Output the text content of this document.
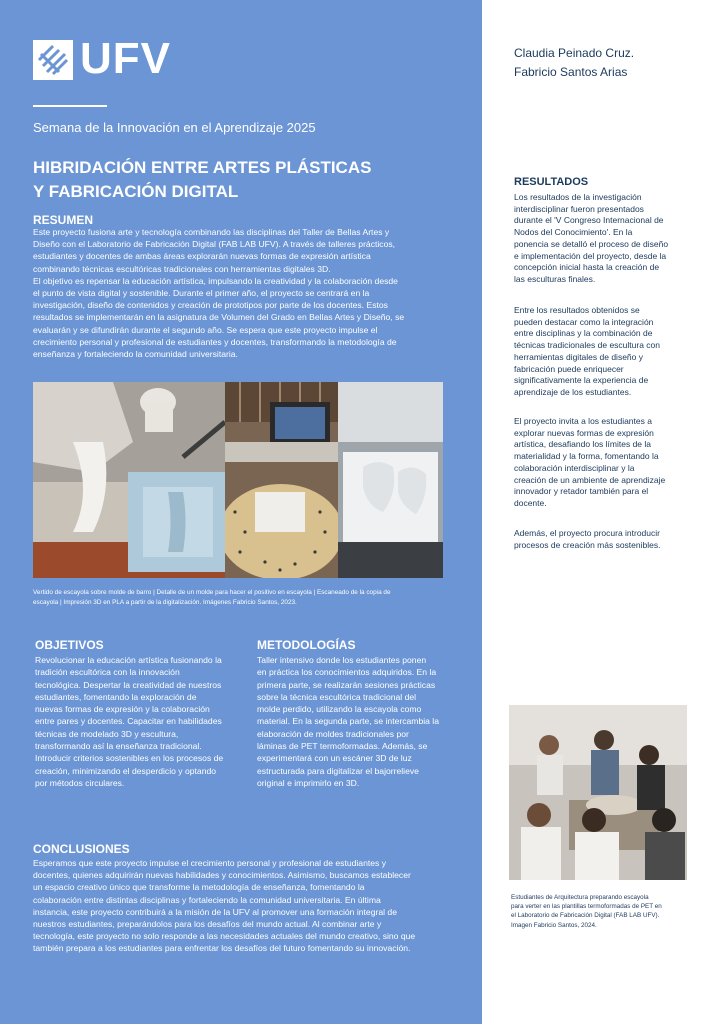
UFV
Semana de la Innovación en el Aprendizaje 2025
HIBRIDACIÓN ENTRE ARTES PLÁSTICAS
Y FABRICACIÓN DIGITAL
RESUMEN
Este proyecto fusiona arte y tecnología combinando las disciplinas del Taller de Bellas Artes y
Diseño con el Laboratorio de Fabricación Digital (FAB LAB UFV). A través de talleres prácticos,
estudiantes y docentes de ambas áreas explorarán nuevas formas de expresión artística
combinando técnicas escultóricas tradicionales con herramientas digitales 3D.
El objetivo es repensar la educación artística, impulsando la creatividad y la colaboración desde
el punto de vista digital y sostenible. Durante el primer año, el proyecto se centrará en la
investigación, diseño de contenidos y creación de prototipos por parte de los docentes. Estos
resultados se implementarán en la asignatura de Volumen del Grado en Bellas Artes y Diseño, se
evaluarán y se difundirán durante el segundo año. Se espera que este proyecto impulse el
crecimiento personal y profesional de estudiantes y docentes, transformando la metodología de
enseñanza y fortaleciendo la comunidad universitaria.
Vertido de escayola sobre molde de barro | Detalle de un molde para hacer el positivo en escayola | Escaneado de la copia de
escayola | Impresión 3D en PLA a partir de la digitalización. Imágenes Fabricio Santos, 2023.
OBJETIVOS
Revolucionar la educación artística fusionando la
tradición escultórica con la innovación
tecnológica. Despertar la creatividad de nuestros
estudiantes, fomentando la exploración de
nuevas formas de expresión y la colaboración
entre pares y docentes. Capacitar en habilidades
técnicas de modelado 3D y escultura,
transformando así la enseñanza tradicional.
Introducir criterios sostenibles en los procesos de
creación, minimizando el desperdicio y optando
por métodos circulares.
METODOLOGÍAS
Taller intensivo donde los estudiantes ponen
en práctica los conocimientos adquiridos. En la
primera parte, se realizarán sesiones prácticas
sobre la técnica escultórica tradicional del
molde perdido, utilizando la escayola como
material. En la segunda parte, se intercambia la
elaboración de moldes tradicionales por
láminas de PET termoformadas. Además, se
experimentará con un escáner 3D de luz
estructurada para digitalizar el bajorrelieve
original e imprimirlo en 3D.
CONCLUSIONES
Esperamos que este proyecto impulse el crecimiento personal y profesional de estudiantes y
docentes, quienes adquirirán nuevas habilidades y conocimientos. Asimismo, buscamos establecer
un espacio creativo único que transforme la metodología de enseñanza, fomentando la
colaboración entre distintas disciplinas y fortaleciendo la comunidad universitaria. En última
instancia, este proyecto contribuirá a la misión de la UFV al promover una formación integral de
nuestros estudiantes, preparándolos para los desafíos del mundo actual. Al combinar arte y
tecnología, este proyecto no solo responde a las necesidades actuales del mundo creativo, sino que
también prepara a los estudiantes para enfrentar los desafíos del futuro fomentando su innovación.
Claudia Peinado Cruz.
Fabricio Santos Arias
RESULTADOS
Los resultados de la investigación
interdisciplinar fueron presentados
durante el 'V Congreso Internacional de
Nodos del Conocimiento'. En la
ponencia se detalló el proceso de diseño
e implementación del proyecto, desde la
concepción inicial hasta la creación de
las esculturas finales.
Entre los resultados obtenidos se
pueden destacar como la integración
entre disciplinas y la combinación de
técnicas tradicionales de escultura con
herramientas digitales de diseño y
fabricación puede enriquecer
significativamente la experiencia de
aprendizaje de los estudiantes.
El proyecto invita a los estudiantes a
explorar nuevas formas de expresión
artística, desafiando los límites de la
materialidad y la forma, fomentando la
colaboración interdisciplinar y la
creación de un ambiente de aprendizaje
innovador y retador también para el
docente.
Además, el proyecto procura introducir
procesos de creación más sostenibles.
Estudiantes de Arquitectura preparando escayola
para verter en las plantillas termoformadas de PET en
el Laboratorio de Fabricación Digital (FAB LAB UFV).
Imagen Fabricio Santos, 2024.
